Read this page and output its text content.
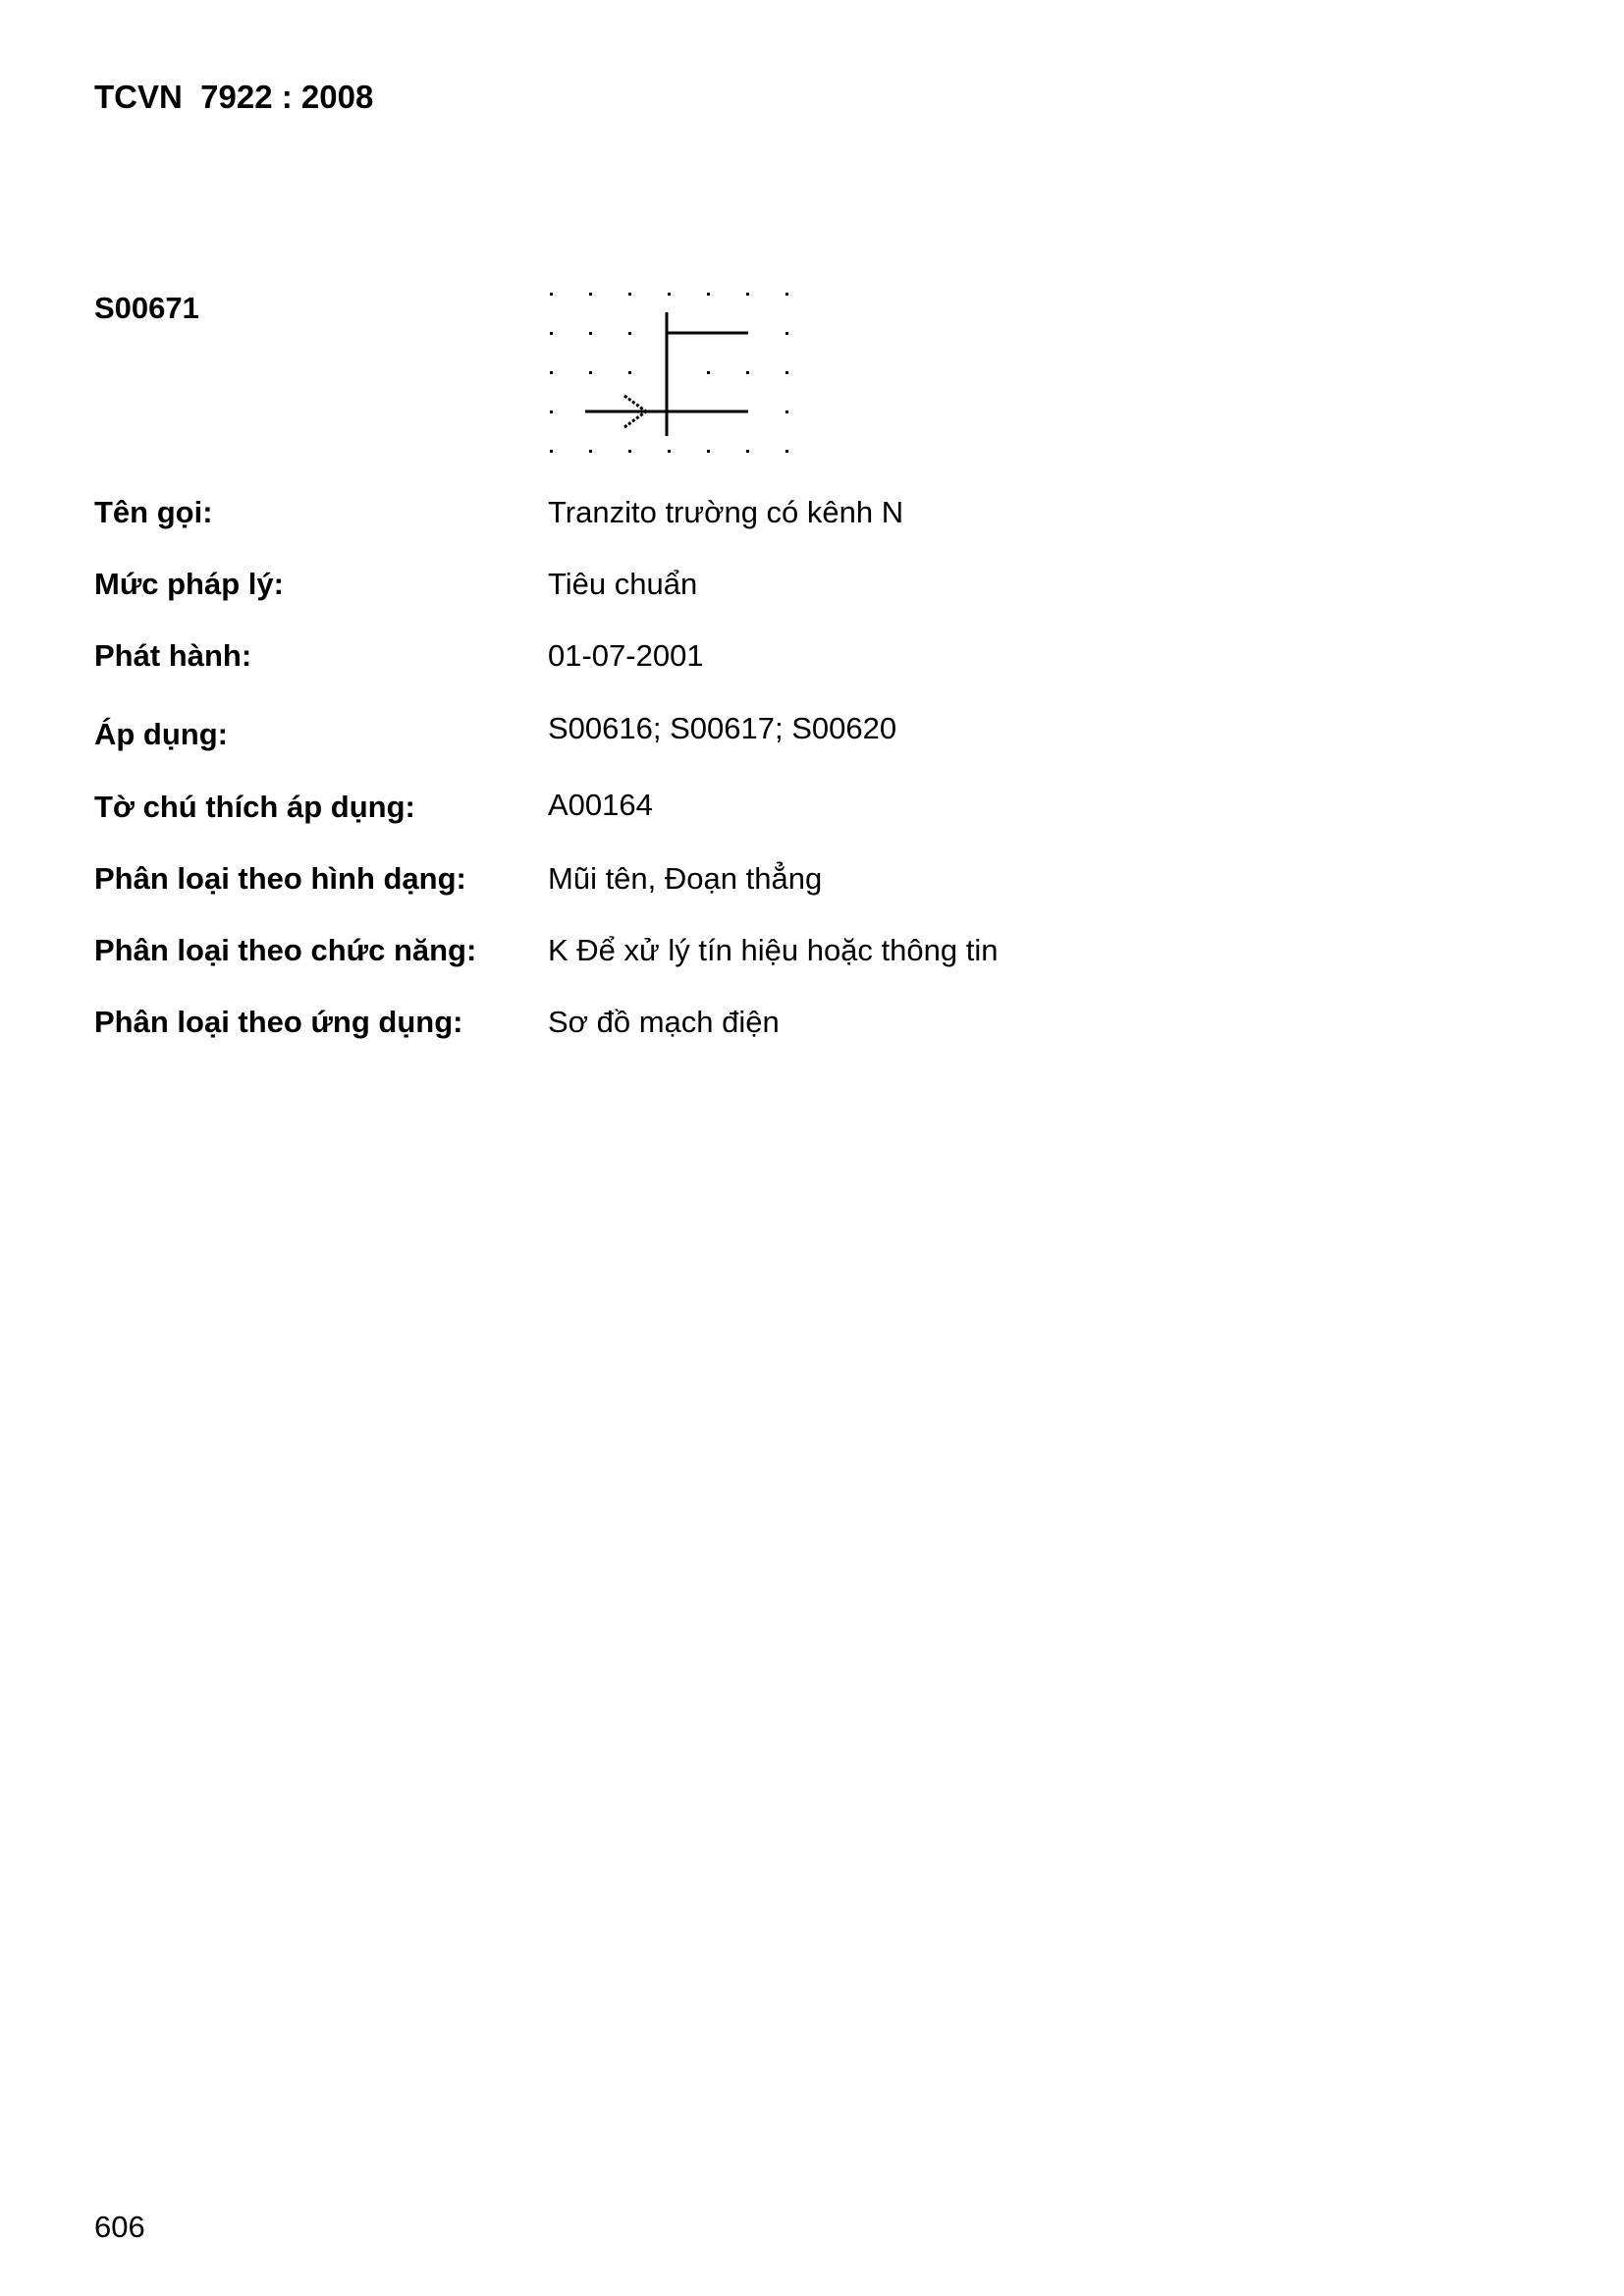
TCVN  7922 : 2008
S00671
Tên gọi:	Tranzito trường có kênh N
Mức pháp lý:	Tiêu chuẩn
Phát hành:	01-07-2001
Áp dụng:	S00616; S00617; S00620
Tờ chú thích áp dụng:	A00164
Phân loại theo hình dạng:	Mũi tên, Đoạn thẳng
Phân loại theo chức năng: K Để xử lý tín hiệu hoặc thông tin
Phân loại theo ứng dụng:	Sơ đồ mạch điện
606
